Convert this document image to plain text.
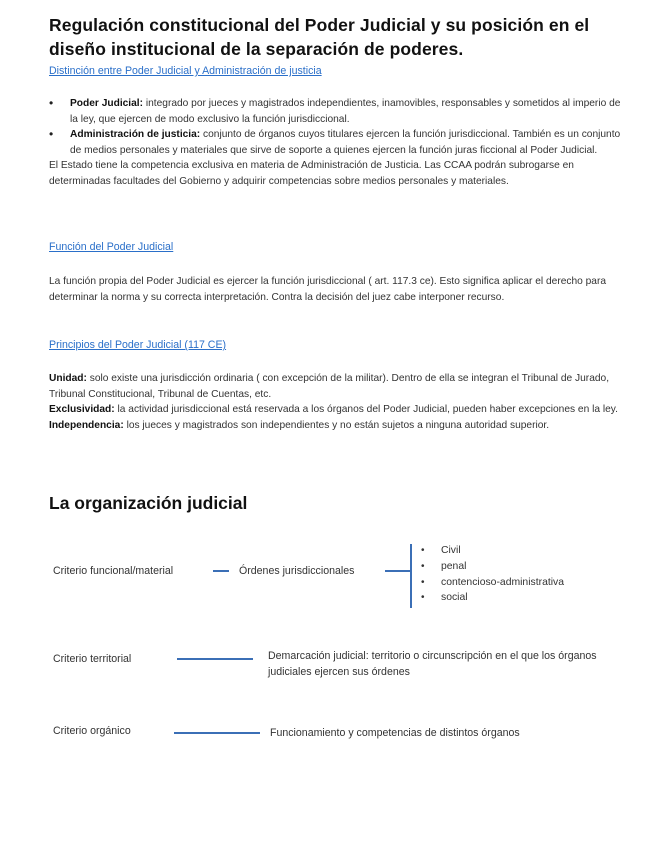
Regulación constitucional del Poder Judicial y su posición en el diseño institucional de la separación de poderes.
Distinción entre Poder Judicial y Administración de justicia
• Poder Judicial: integrado por jueces y magistrados independientes, inamovibles, responsables y sometidos al imperio de la ley, que ejercen de modo exclusivo la función jurisdiccional.
• Administración de justicia: conjunto de órganos cuyos titulares ejercen la función jurisdiccional. También es un conjunto de medios personales y materiales que sirve de soporte a quienes ejercen la función juras ficcional al Poder Judicial.
El Estado tiene la competencia exclusiva en materia de Administración de Justicia. Las CCAA podrán subrogarse en determinadas facultades del Gobierno y adquirir competencias sobre medios personales y materiales.
Función del Poder Judicial
La función propia del Poder Judicial es ejercer la función jurisdiccional ( art. 117.3 ce). Esto significa aplicar el derecho para determinar la norma y su correcta interpretación. Contra la decisión del juez cabe interponer recurso.
Principios del Poder Judicial (117 CE)
Unidad: solo existe una jurisdicción ordinaria ( con excepción de la militar). Dentro de ella se integran el Tribunal de Jurado, Tribunal Constitucional, Tribunal de Cuentas, etc.
Exclusividad: la actividad jurisdiccional está reservada a los órganos del Poder Judicial, pueden haber excepciones en la ley.
Independencia: los jueces y magistrados son independientes y no están sujetos a ninguna autoridad superior.
La organización judicial
Criterio funcional/material	Órdenes jurisdiccionales
• Civil
• penal
• contencioso-administrativa
• social
Criterio territorial	Demarcación judicial: territorio o circunscripción en el que los órganos judiciales ejercen sus órdenes
Criterio orgánico	Funcionamiento y competencias de distintos órganos
